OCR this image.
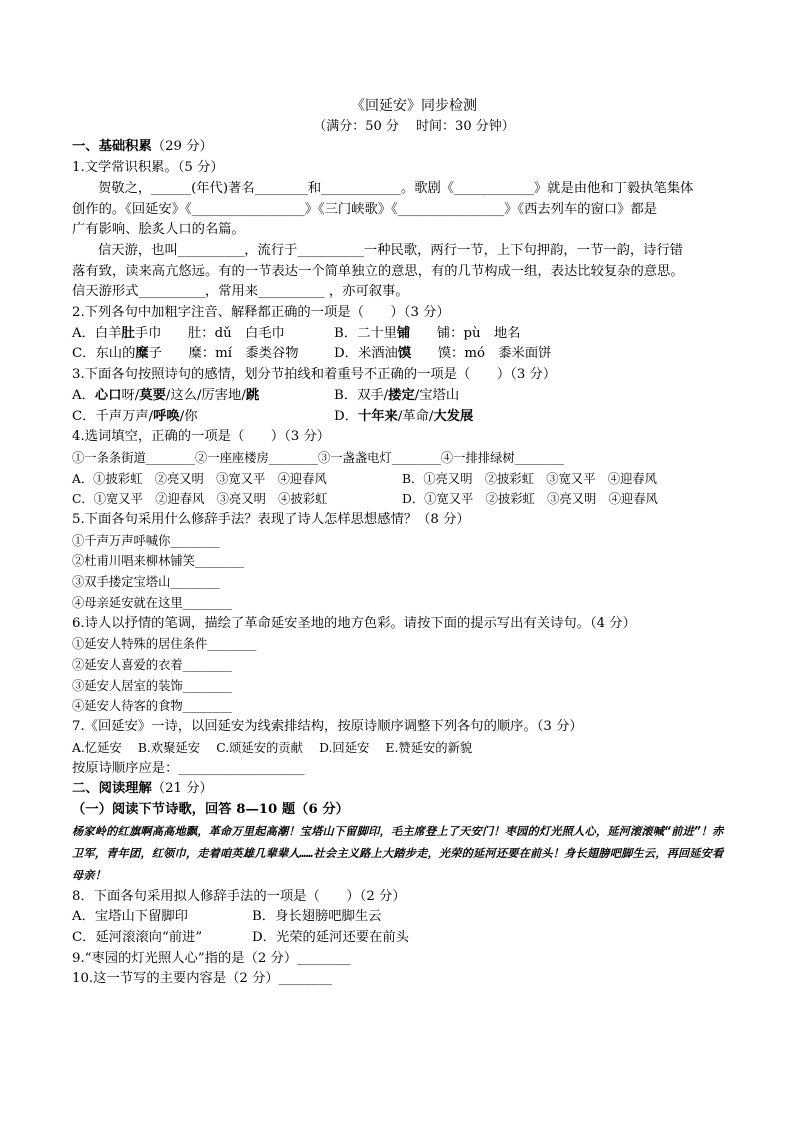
《回延安》同步检测
（满分：50 分　 时间：30 分钟）
一、基础积累（29 分）
1.文学常识积累。（5 分）
贺敬之，______(年代)著名________和____________。歌剧《____________》就是由他和丁毅执笔集体
创作的。《回延安》《_________________》《三门峡歌》《________________》《西去列车的窗口》都是
广有影响、脍炙人口的名篇。
信天游，也叫__________，流行于__________一种民歌，两行一节，上下句押韵，一节一韵，诗行错
落有致，读来高亢悠远。有的一节表达一个简单独立的意思，有的几节构成一组，表达比较复杂的意思。
信天游形式__________，常用来__________ ，亦可叙事。
2.下列各句中加粗字注音、解释都正确的一项是（　　）（3 分）
A．白羊肚手巾　　肚：dǔ　白毛巾	B．二十里铺　　铺：pù　地名
C．东山的糜子　　糜：mí　黍类谷物	D．米酒油馍　　馍：mó　黍米面饼
3.下面各句按照诗句的感情，划分节拍线和着重号不正确的一项是（　　）（3 分）
A．心口呀/莫要/这么/厉害地/跳	B．双手/搂定/宝塔山
C．千声万声/呼唤/你	D．十年来/革命/大发展
4.选词填空，正确的一项是（　　）（3 分）
①一条条街道________②一座座楼房________③一盏盏电灯________④一排排绿树________
A．①披彩虹　②亮又明　③宽又平　④迎春风	B．①亮又明　②披彩虹　③宽又平　④迎春风
C．①宽又平　②迎春风　③亮又明　④披彩虹	D．①宽又平　②披彩虹　③亮又明　④迎春风
5.下面各句采用什么修辞手法？表现了诗人怎样思想感情？（8 分）
①千声万声呼喊你________
②杜甫川唱来柳林铺笑________
③双手搂定宝塔山________
④母亲延安就在这里________
6.诗人以抒情的笔调，描绘了革命延安圣地的地方色彩。请按下面的提示写出有关诗句。（4 分）
①延安人特殊的居住条件________
②延安人喜爱的衣着________
③延安人居室的装饰________
④延安人待客的食物________
7.《回延安》一诗，以回延安为线索排结构，按原诗顺序调整下列各句的顺序。（3 分）
A.忆延安　 B.欢聚延安　 C.颂延安的贡献　 D.回延安　 E.赞延安的新貌
按原诗顺序应是：___________________
二、阅读理解（21 分）
（一）阅读下节诗歌，回答 8—10 题（6 分）
杨家岭的红旗啊高高地飘，革命万里起高潮！宝塔山下留脚印，毛主席登上了天安门！枣园的灯光照人心，延河滚滚喊“前进”！赤卫军，青年团，红领巾，走着咱英雄几辈辈人……社会主义路上大踏步走，光荣的延河还要在前头！身长翅膀吧脚生云，再回延安看母亲！
8．下面各句采用拟人修辞手法的一项是（　　）（2 分）
A．宝塔山下留脚印	B．身长翅膀吧脚生云
C．延河滚滚向“前进”	D．光荣的延河还要在前头
9.“枣园的灯光照人心”指的是（2 分）________
10.这一节写的主要内容是（2 分）________
